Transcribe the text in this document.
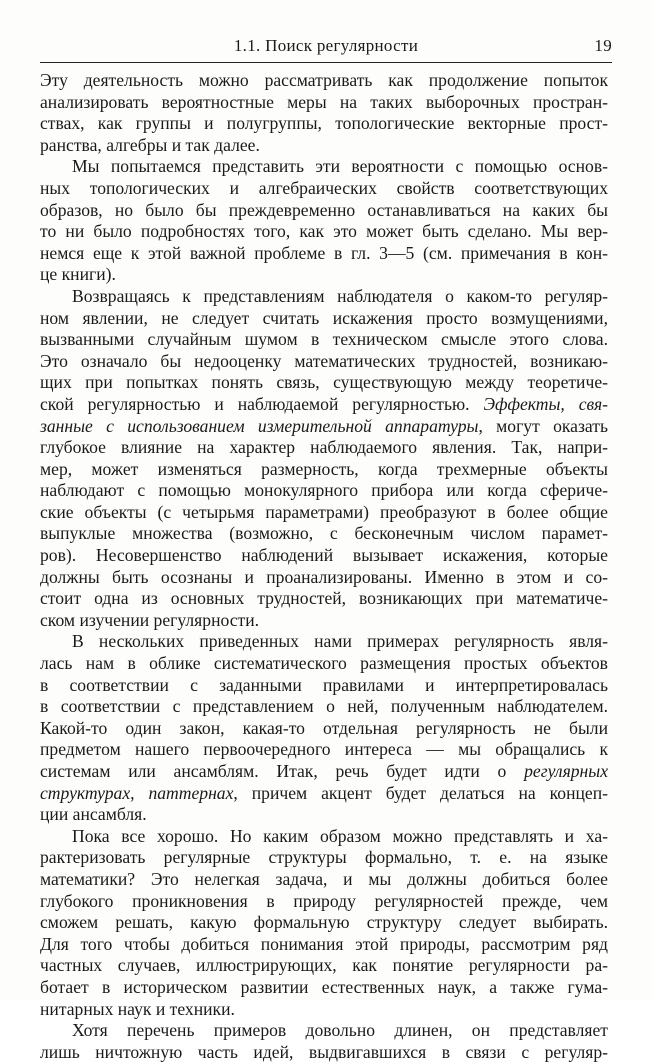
1.1. Поиск регулярности	19

Эту деятельность можно рассматривать как продолжение попыток
анализировать вероятностные меры на таких выборочных простран-
ствах, как группы и полугруппы, топологические векторные прост-
ранства, алгебры и так далее.

Мы попытаемся представить эти вероятности с помощью основ-
ных топологических и алгебраических свойств соответствующих
образов, но было бы преждевременно останавливаться на каких бы
то ни было подробностях того, как это может быть сделано. Мы вер-
немся еще к этой важной проблеме в гл. 3—5 (см. примечания в кон-
це книги).

Возвращаясь к представлениям наблюдателя о каком-то регуляр-
ном явлении, не следует считать искажения просто возмущениями,
вызванными случайным шумом в техническом смысле этого слова.
Это означало бы недооценку математических трудностей, возникаю-
щих при попытках понять связь, существующую между теоретиче-
ской регулярностью и наблюдаемой регулярностью. Эффекты, свя-
занные с использованием измерительной аппаратуры, могут оказать
глубокое влияние на характер наблюдаемого явления. Так, напри-
мер, может изменяться размерность, когда трехмерные объекты
наблюдают с помощью монокулярного прибора или когда сфериче-
ские объекты (с четырьмя параметрами) преобразуют в более общие
выпуклые множества (возможно, с бесконечным числом парамет-
ров). Несовершенство наблюдений вызывает искажения, которые
должны быть осознаны и проанализированы. Именно в этом и со-
стоит одна из основных трудностей, возникающих при математиче-
ском изучении регулярности.

В нескольких приведенных нами примерах регулярность явля-
лась нам в облике систематического размещения простых объектов
в соответствии с заданными правилами и интерпретировалась
в соответствии с представлением о ней, полученным наблюдателем.
Какой-то один закон, какая-то отдельная регулярность не были
предметом нашего первоочередного интереса — мы обращались к
системам или ансамблям. Итак, речь будет идти о регулярных
структурах, паттернах, причем акцент будет делаться на концеп-
ции ансамбля.

Пока все хорошо. Но каким образом можно представлять и ха-
рактеризовать регулярные структуры формально, т. е. на языке
математики? Это нелегкая задача, и мы должны добиться более
глубокого проникновения в природу регулярностей прежде, чем
сможем решать, какую формальную структуру следует выбирать.
Для того чтобы добиться понимания этой природы, рассмотрим ряд
частных случаев, иллюстрирующих, как понятие регулярности ра-
ботает в историческом развитии естественных наук, а также гума-
нитарных наук и техники.

Хотя перечень примеров довольно длинен, он представляет
лишь ничтожную часть идей, выдвигавшихся в связи с регуляр-
